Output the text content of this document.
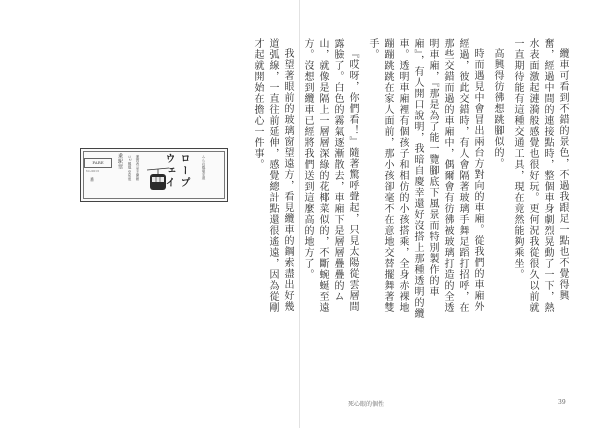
FARE
No.0013
番
乗駅票 ロ2 鳳凰 至泉池 運賃表 至不開館	ロープウェイ	ムらの鳳竜幸道	纜車可看到不錯的景色，不過我跟足一點也不覺得興奮，經過中間的連接點時，整個車身劇烈晃動了一下，熱水表面激起漣漪般感覺也很好玩。更何況我從很久以前就一直期待能有這種交通工具，現在竟然能夠乘坐。

高興得彷彿想跳腳似的。

時而遇見中會冒出兩台方對向的車廂。從我們的車廂外經過，彼此交錯時，有人會隔著玻璃手舞足蹈打招呼，在那些交錯而過的車廂中，偶爾會有彷彿被玻璃打造的全透明車廂，『那是為了能一覽腳底下風景而特別製作的車廂』，有人開口說明，我暗自慶幸還好沒搭上那種透明的纜車。透明車廂裡有個孩子和相仿的小孩搭乘，全身赤裸地蹦蹦跳跳在家人面前，那小孩卻毫不在意地交替擺舞著雙手。

『哎呀，你們看！』隨著驚呼聲起，只見太陽從雲層間露臉了。白色的霧氣逐漸散去，車廂下是層層疊疊的ム山，就像是隔上一層層深綠的花椰菜似的，不斷蜿蜒至遠方。沒想到纜車已經將我們送到這麼高的地方了。

我望著眼前的玻璃窗望遠方，看見纜車的鋼索盡出好幾道弧線，一直往前延伸，感覺總計點還很遙遠，因為從剛才起就開始在擔心一件事。

死心眼的個性	39
